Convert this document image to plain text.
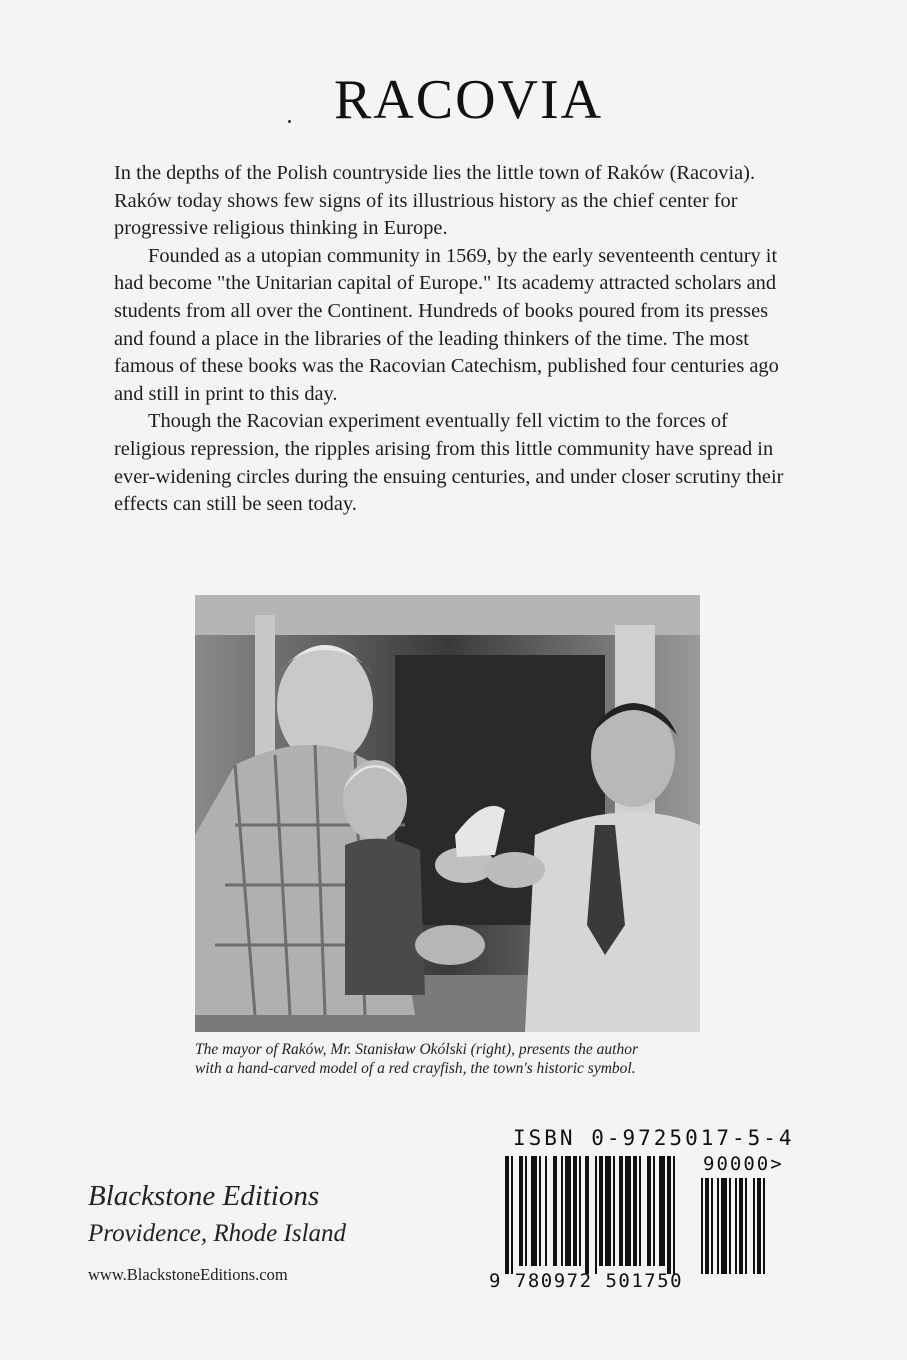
RACOVIA

In the depths of the Polish countryside lies the little town of Raków (Racovia). Raków today shows few signs of its illustrious history as the chief center for progressive religious thinking in Europe.

Founded as a utopian community in 1569, by the early seventeenth century it had become "the Unitarian capital of Europe." Its academy attracted scholars and students from all over the Continent. Hundreds of books poured from its presses and found a place in the libraries of the leading thinkers of the time. The most famous of these books was the Racovian Catechism, published four centuries ago and still in print to this day.

Though the Racovian experiment eventually fell victim to the forces of religious repression, the ripples arising from this little community have spread in ever-widening circles during the ensuing centuries, and under closer scrutiny their effects can still be seen today.

The mayor of Raków, Mr. Stanisław Okólski (right), presents the author
with a hand-carved model of a red crayfish, the town's historic symbol.
Blackstone Editions
Providence, Rhode Island
www.BlackstoneEditions.com
ISBN 0-9725017-5-4
90000>
9 780972 501750
